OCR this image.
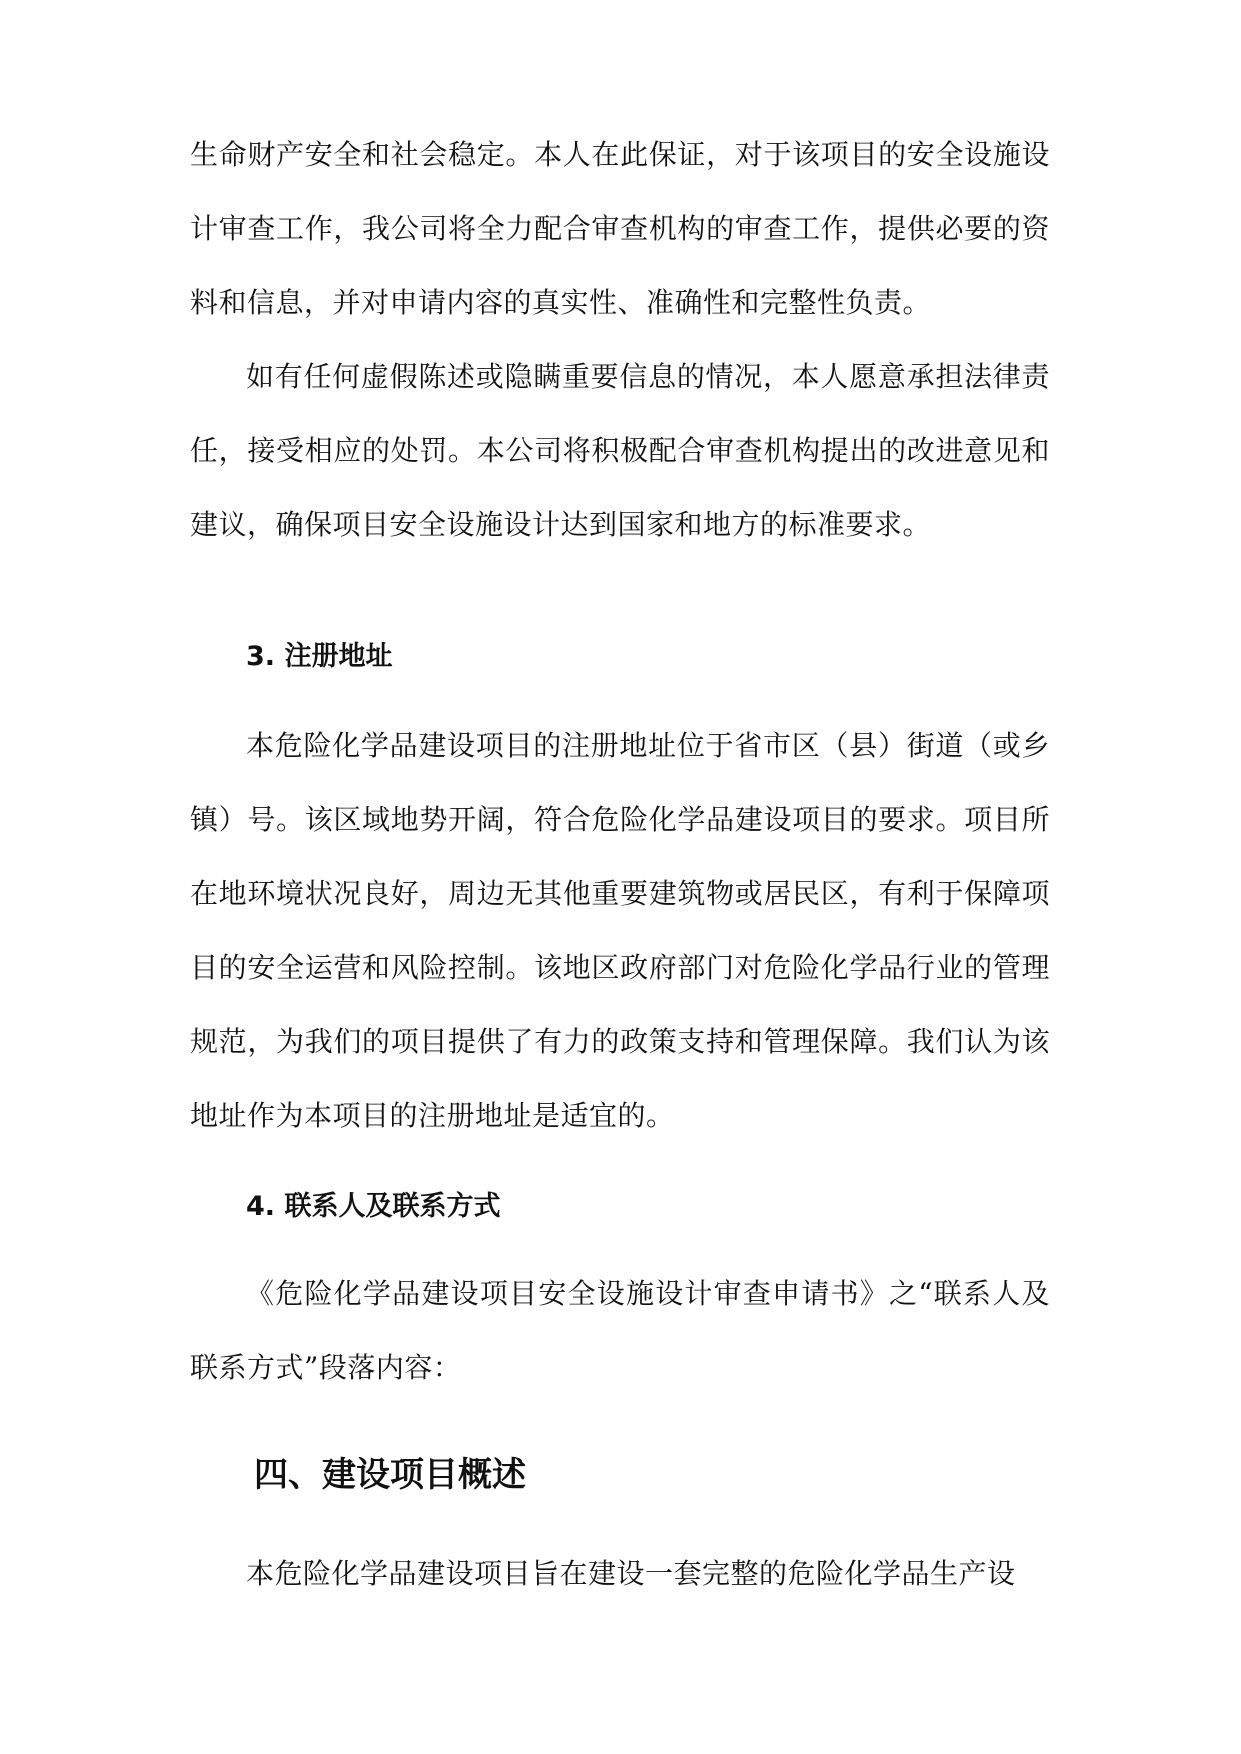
生命财产安全和社会稳定。本人在此保证，对于该项目的安全设施设计审查工作，我公司将全力配合审查机构的审查工作，提供必要的资料和信息，并对申请内容的真实性、准确性和完整性负责。

如有任何虚假陈述或隐瞒重要信息的情况，本人愿意承担法律责任，接受相应的处罚。本公司将积极配合审查机构提出的改进意见和建议，确保项目安全设施设计达到国家和地方的标准要求。

3. 注册地址

本危险化学品建设项目的注册地址位于省市区（县）街道（或乡镇）号。该区域地势开阔，符合危险化学品建设项目的要求。项目所在地环境状况良好，周边无其他重要建筑物或居民区，有利于保障项目的安全运营和风险控制。该地区政府部门对危险化学品行业的管理规范，为我们的项目提供了有力的政策支持和管理保障。我们认为该地址作为本项目的注册地址是适宜的。

4. 联系人及联系方式

《危险化学品建设项目安全设施设计审查申请书》之“联系人及联系方式”段落内容：

四、建设项目概述

本危险化学品建设项目旨在建设一套完整的危险化学品生产设
